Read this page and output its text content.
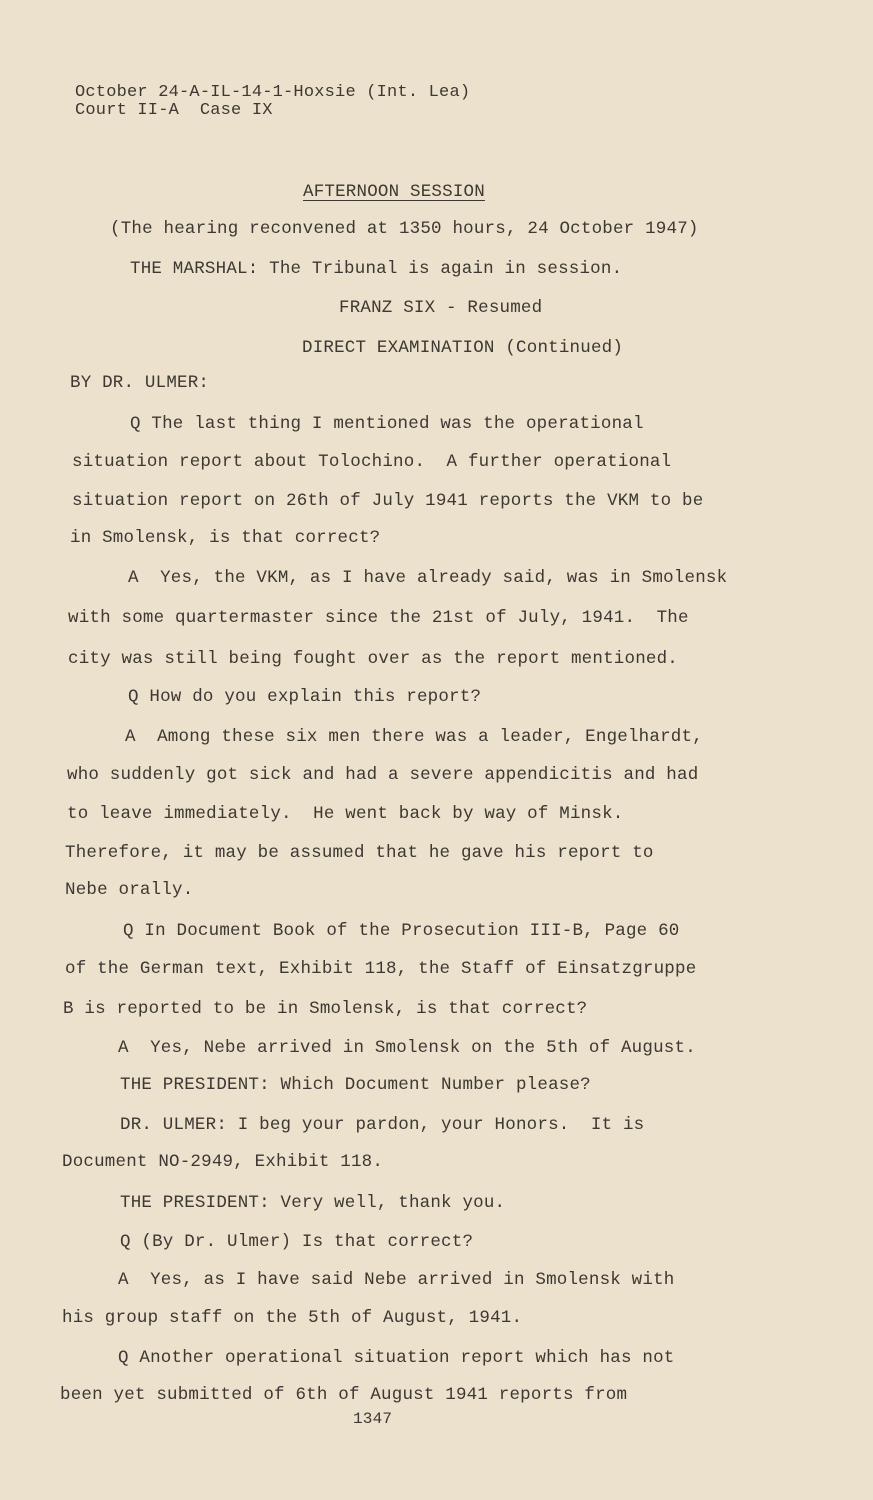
October 24-A-IL-14-1-Hoxsie (Int. Lea)
Court II-A  Case IX
AFTERNOON SESSION
(The hearing reconvened at 1350 hours, 24 October 1947)
THE MARSHAL: The Tribunal is again in session.
FRANZ SIX - Resumed
DIRECT EXAMINATION (Continued)
BY DR. ULMER:
Q The last thing I mentioned was the operational
situation report about Tolochino.  A further operational
situation report on 26th of July 1941 reports the VKM to be
in Smolensk, is that correct?
A  Yes, the VKM, as I have already said, was in Smolensk
with some quartermaster since the 21st of July, 1941.  The
city was still being fought over as the report mentioned.
Q How do you explain this report?
A  Among these six men there was a leader, Engelhardt,
who suddenly got sick and had a severe appendicitis and had
to leave immediately.  He went back by way of Minsk.
Therefore, it may be assumed that he gave his report to
Nebe orally.
Q In Document Book of the Prosecution III-B, Page 60
of the German text, Exhibit 118, the Staff of Einsatzgruppe
B is reported to be in Smolensk, is that correct?
A  Yes, Nebe arrived in Smolensk on the 5th of August.
THE PRESIDENT: Which Document Number please?
DR. ULMER: I beg your pardon, your Honors.  It is
Document NO-2949, Exhibit 118.
THE PRESIDENT: Very well, thank you.
Q (By Dr. Ulmer) Is that correct?
A  Yes, as I have said Nebe arrived in Smolensk with
his group staff on the 5th of August, 1941.
Q Another operational situation report which has not
been yet submitted of 6th of August 1941 reports from
1347
